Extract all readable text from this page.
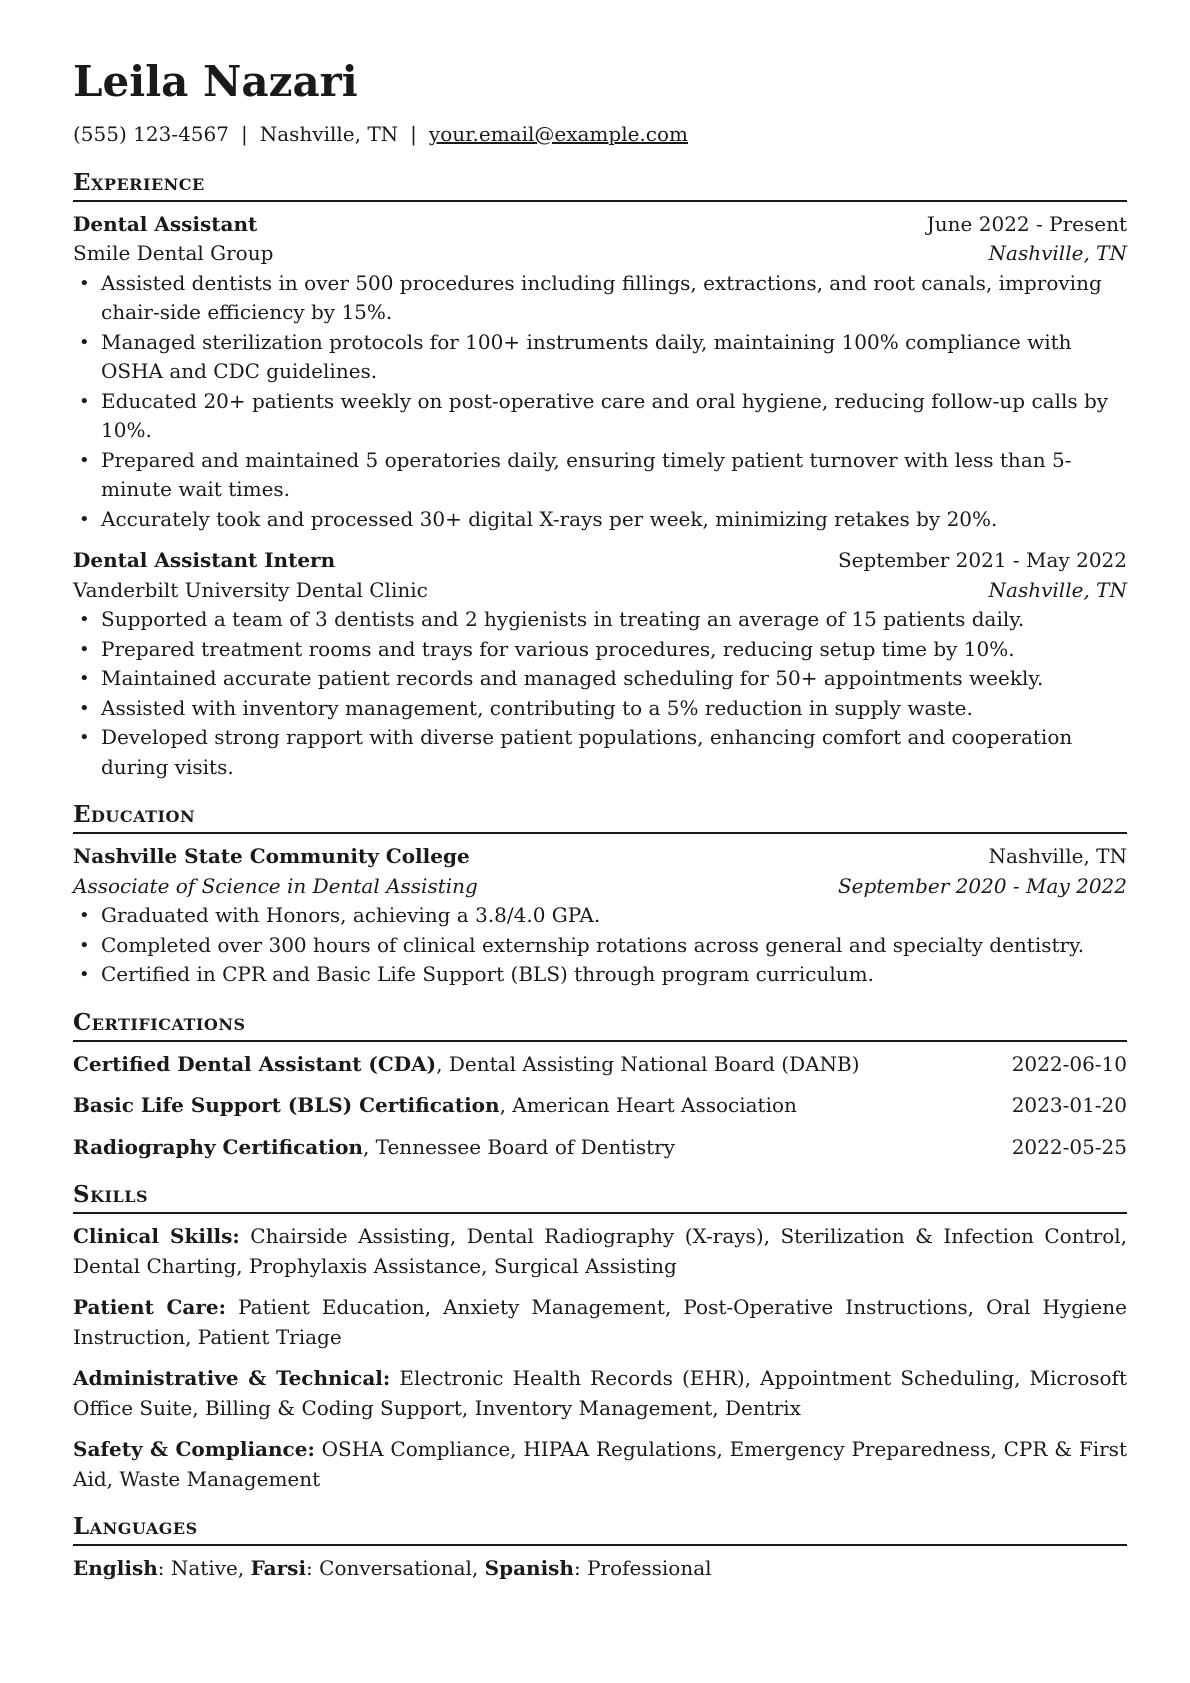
Leila Nazari
(555) 123-4567 | Nashville, TN | your.email@example.com
Experience
Dental Assistant	June 2022 - Present
Smile Dental Group	Nashville, TN
• Assisted dentists in over 500 procedures including fillings, extractions, and root canals, improving chair-side efficiency by 15%.
• Managed sterilization protocols for 100+ instruments daily, maintaining 100% compliance with OSHA and CDC guidelines.
• Educated 20+ patients weekly on post-operative care and oral hygiene, reducing follow-up calls by 10%.
• Prepared and maintained 5 operatories daily, ensuring timely patient turnover with less than 5-minute wait times.
• Accurately took and processed 30+ digital X-rays per week, minimizing retakes by 20%.
Dental Assistant Intern	September 2021 - May 2022
Vanderbilt University Dental Clinic	Nashville, TN
• Supported a team of 3 dentists and 2 hygienists in treating an average of 15 patients daily.
• Prepared treatment rooms and trays for various procedures, reducing setup time by 10%.
• Maintained accurate patient records and managed scheduling for 50+ appointments weekly.
• Assisted with inventory management, contributing to a 5% reduction in supply waste.
• Developed strong rapport with diverse patient populations, enhancing comfort and cooperation during visits.
Education
Nashville State Community College	Nashville, TN
Associate of Science in Dental Assisting	September 2020 - May 2022
• Graduated with Honors, achieving a 3.8/4.0 GPA.
• Completed over 300 hours of clinical externship rotations across general and specialty dentistry.
• Certified in CPR and Basic Life Support (BLS) through program curriculum.
Certifications
Certified Dental Assistant (CDA), Dental Assisting National Board (DANB)	2022-06-10
Basic Life Support (BLS) Certification, American Heart Association	2023-01-20
Radiography Certification, Tennessee Board of Dentistry	2022-05-25
Skills
Clinical Skills: Chairside Assisting, Dental Radiography (X-rays), Sterilization & Infection Control, Dental Charting, Prophylaxis Assistance, Surgical Assisting
Patient Care: Patient Education, Anxiety Management, Post-Operative Instructions, Oral Hygiene Instruction, Patient Triage
Administrative & Technical: Electronic Health Records (EHR), Appointment Scheduling, Microsoft Office Suite, Billing & Coding Support, Inventory Management, Dentrix
Safety & Compliance: OSHA Compliance, HIPAA Regulations, Emergency Preparedness, CPR & First Aid, Waste Management
Languages
English: Native, Farsi: Conversational, Spanish: Professional
